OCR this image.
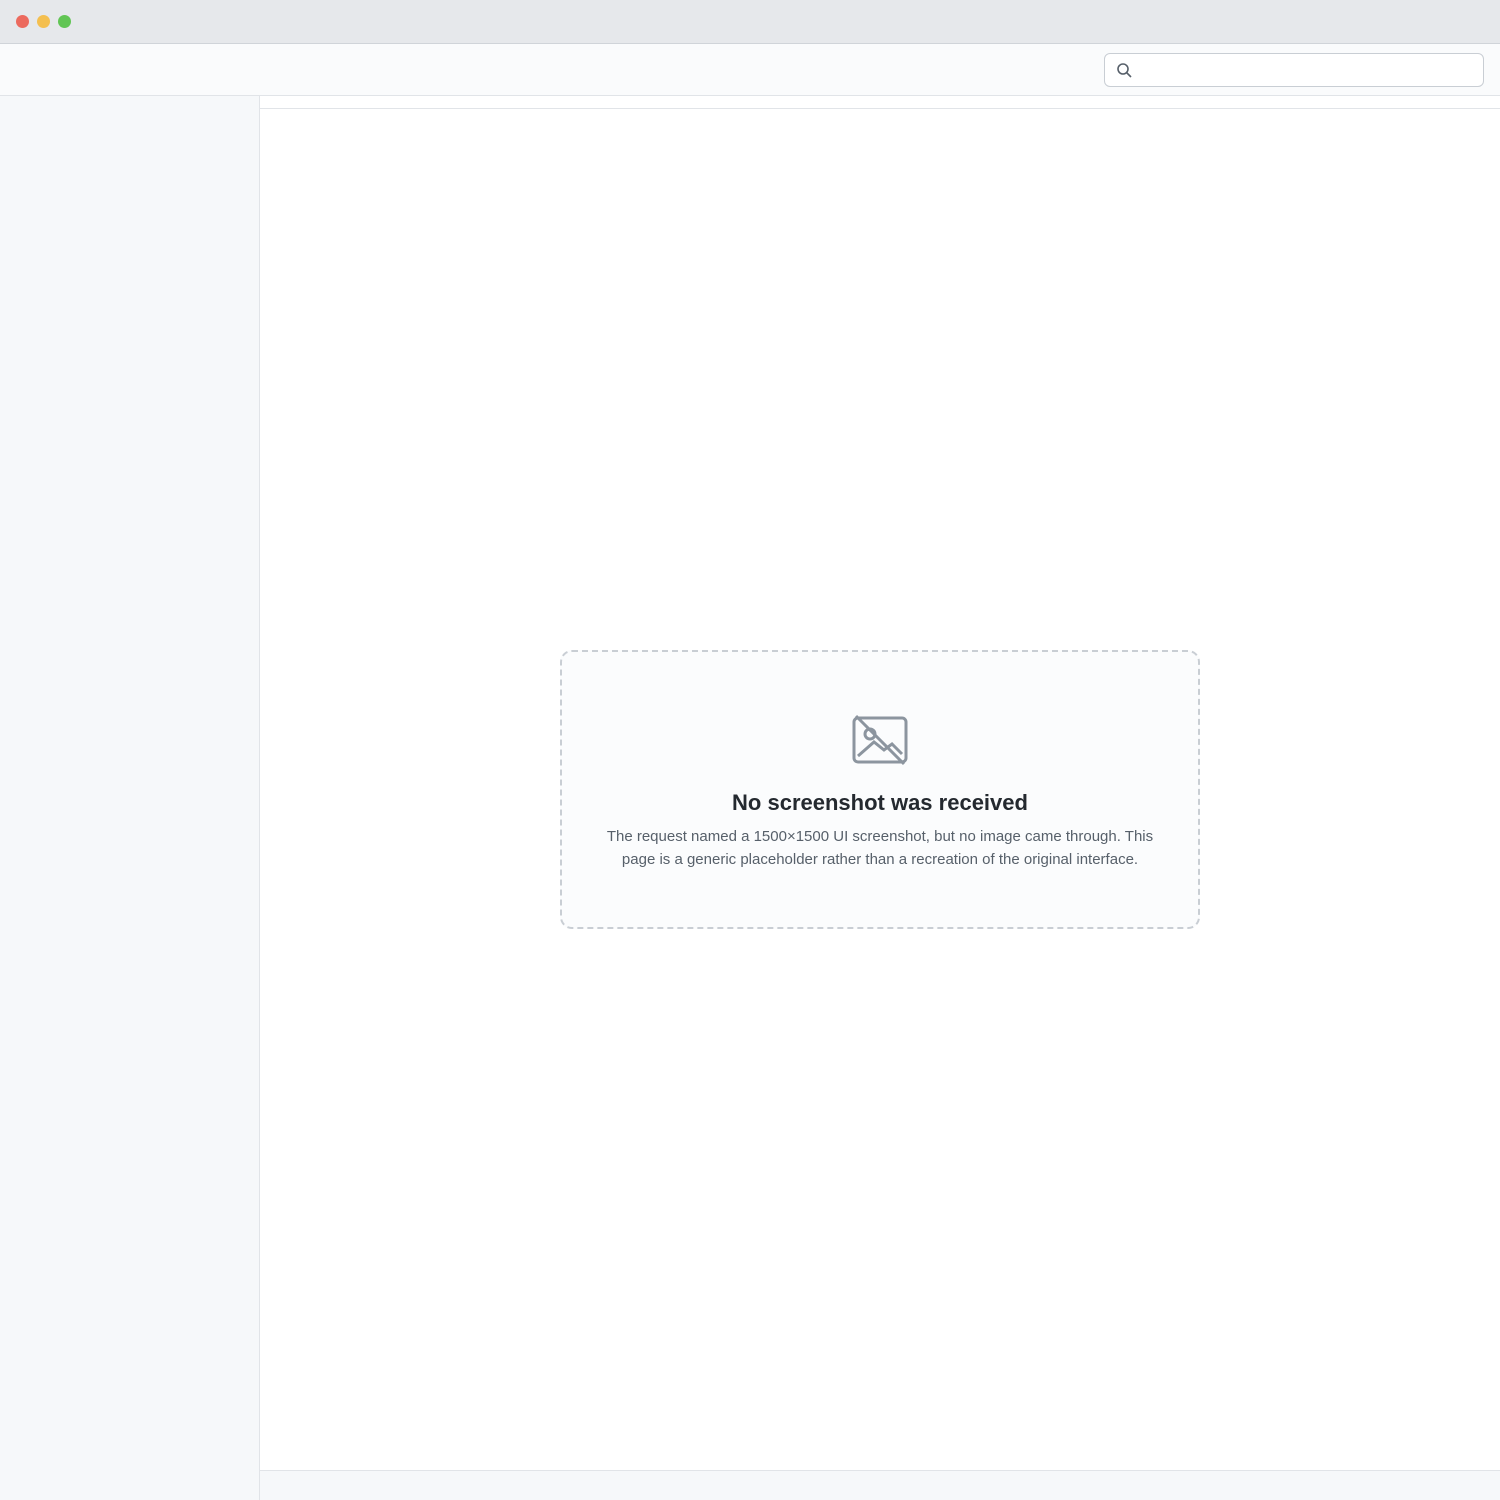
No screenshot was received

The request named a 1500×1500 UI screenshot, but no image came through. This page is a generic placeholder rather than a recreation of the original interface.
